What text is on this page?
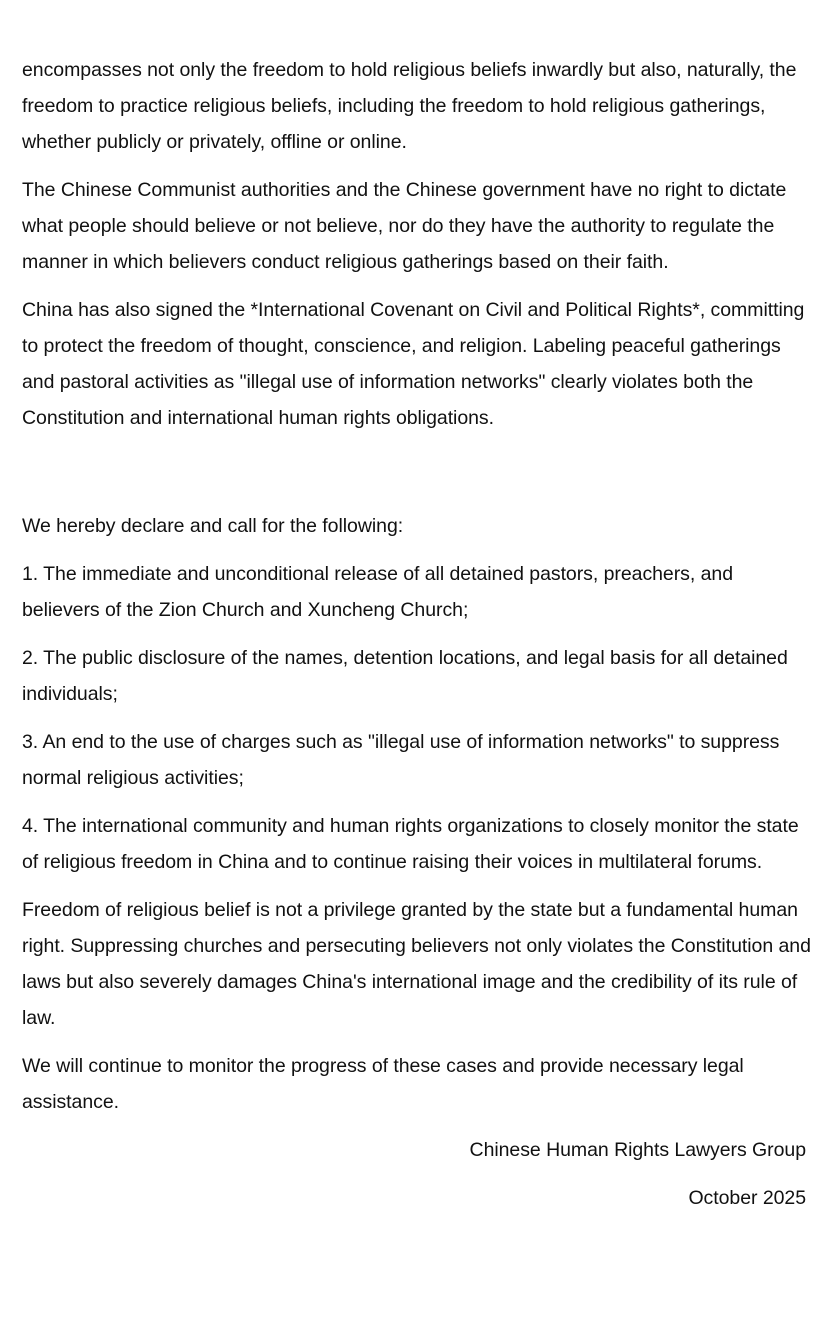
encompasses not only the freedom to hold religious beliefs inwardly but also, naturally, the freedom to practice religious beliefs, including the freedom to hold religious gatherings, whether publicly or privately, offline or online.

The Chinese Communist authorities and the Chinese government have no right to dictate what people should believe or not believe, nor do they have the authority to regulate the manner in which believers conduct religious gatherings based on their faith.

China has also signed the *International Covenant on Civil and Political Rights*, committing to protect the freedom of thought, conscience, and religion. Labeling peaceful gatherings and pastoral activities as "illegal use of information networks" clearly violates both the Constitution and international human rights obligations.

We hereby declare and call for the following:

1. The immediate and unconditional release of all detained pastors, preachers, and believers of the Zion Church and Xuncheng Church;

2. The public disclosure of the names, detention locations, and legal basis for all detained individuals;

3. An end to the use of charges such as "illegal use of information networks" to suppress normal religious activities;

4. The international community and human rights organizations to closely monitor the state of religious freedom in China and to continue raising their voices in multilateral forums.

Freedom of religious belief is not a privilege granted by the state but a fundamental human right. Suppressing churches and persecuting believers not only violates the Constitution and laws but also severely damages China's international image and the credibility of its rule of law.

We will continue to monitor the progress of these cases and provide necessary legal assistance.

Chinese Human Rights Lawyers Group

October 2025
